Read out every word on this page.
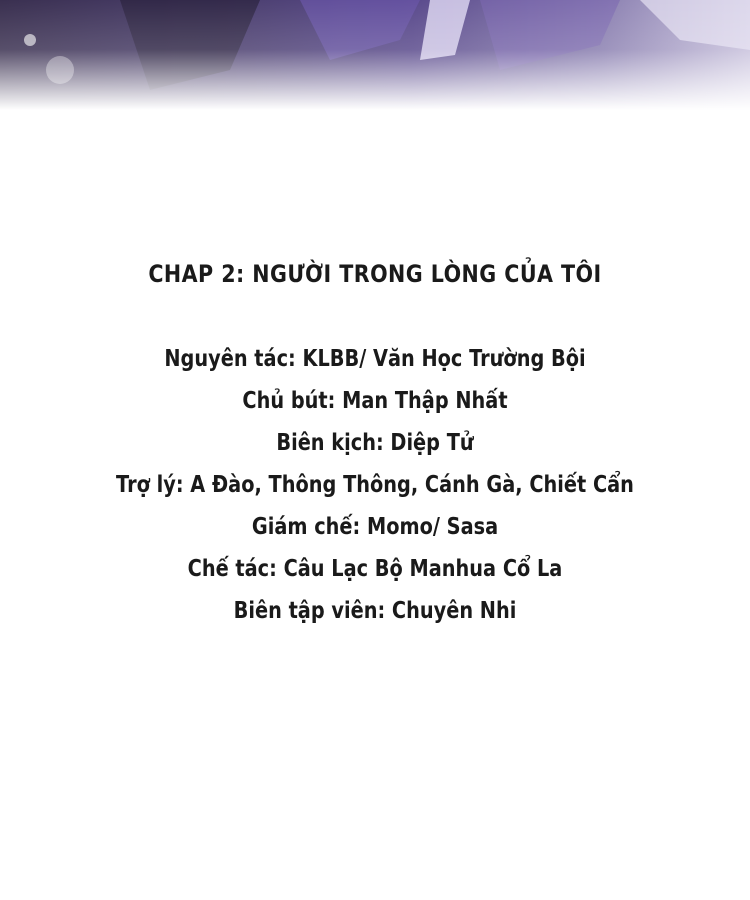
CHAP 2: NGƯỜI TRONG LÒNG CỦA TÔI

Nguyên tác: KLBB/ Văn Học Trường Bội

Chủ bút: Man Thập Nhất

Biên kịch: Diệp Tử

Trợ lý: A Đào, Thông Thông, Cánh Gà, Chiết Cẩn

Giám chế: Momo/ Sasa

Chế tác: Câu Lạc Bộ Manhua Cổ La

Biên tập viên: Chuyên Nhi
